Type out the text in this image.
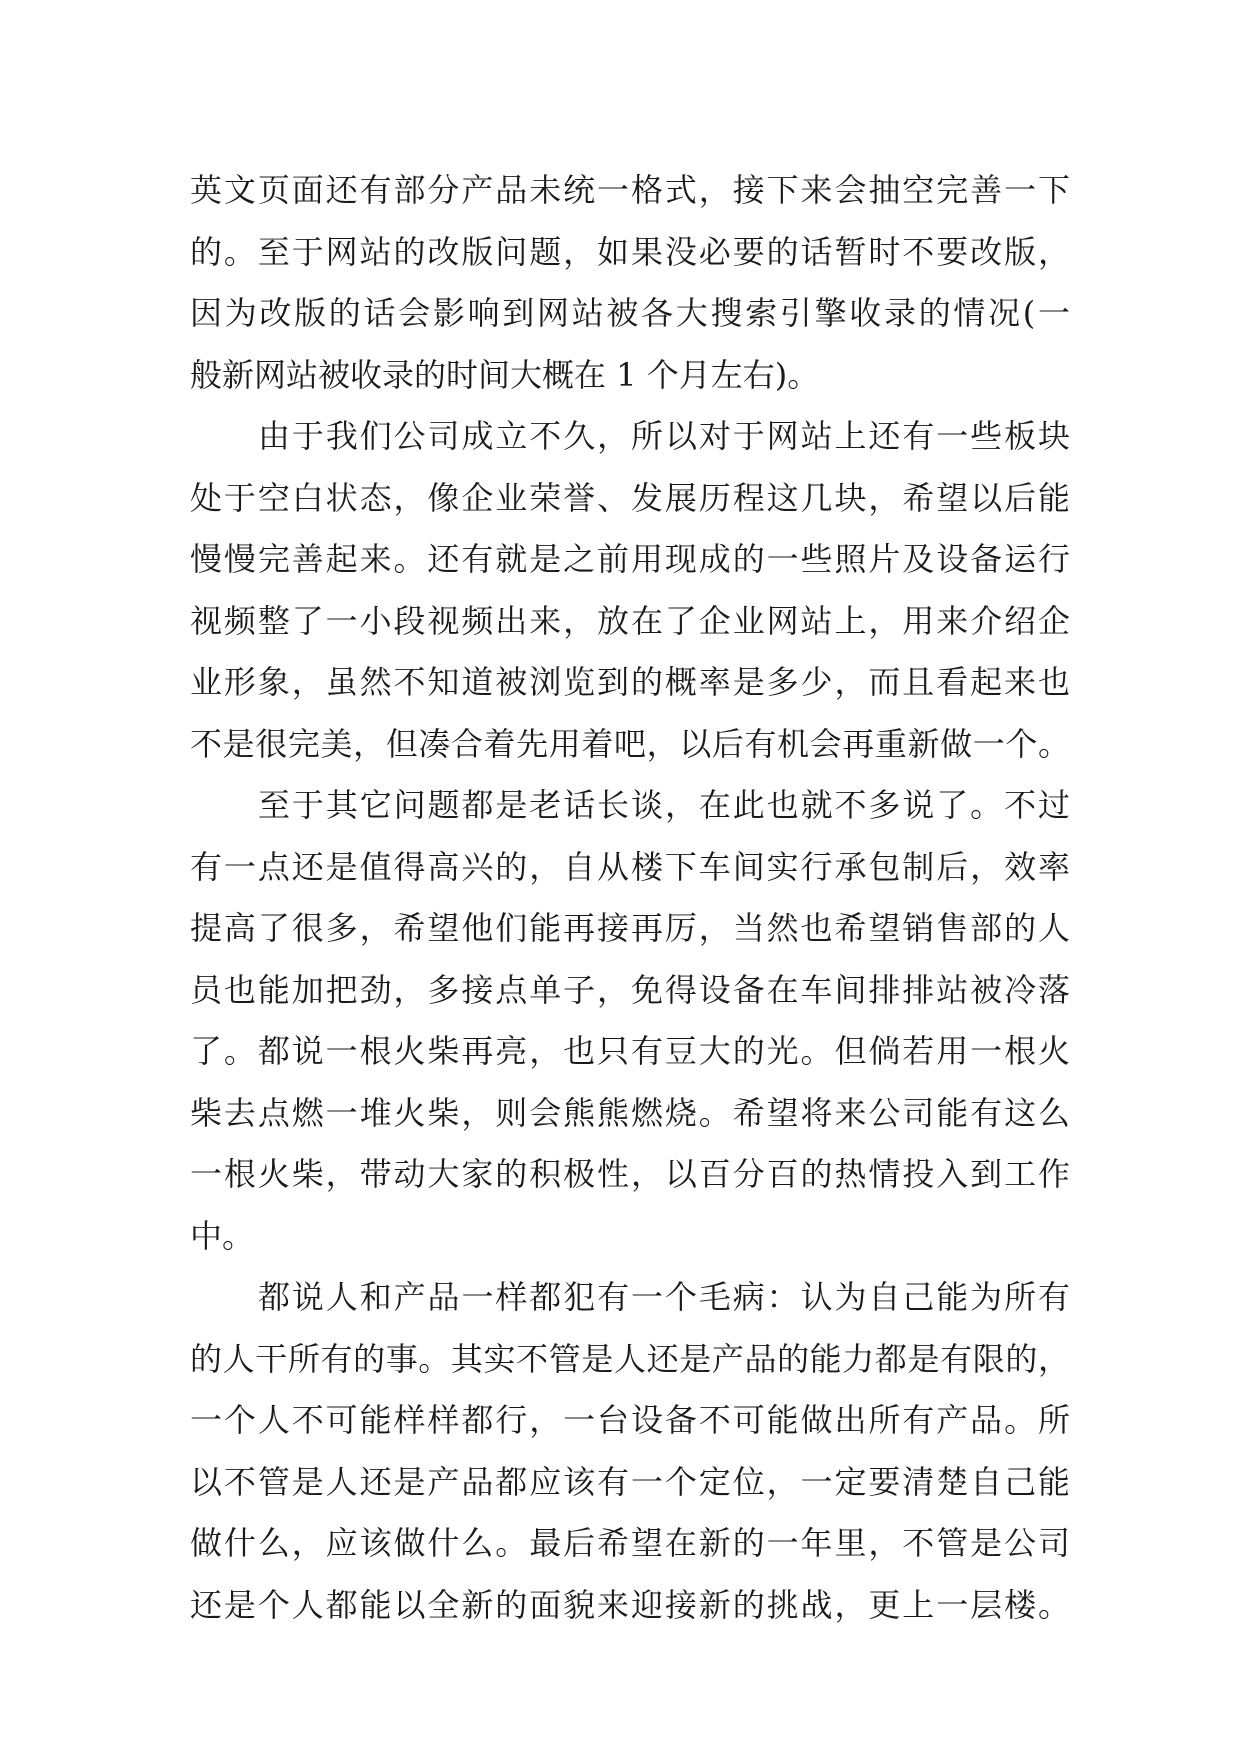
英文页面还有部分产品未统一格式，接下来会抽空完善一下
的。至于网站的改版问题，如果没必要的话暂时不要改版，
因为改版的话会影响到网站被各大搜索引擎收录的情况(一
般新网站被收录的时间大概在 1 个月左右)。
由于我们公司成立不久，所以对于网站上还有一些板块
处于空白状态，像企业荣誉、发展历程这几块，希望以后能
慢慢完善起来。还有就是之前用现成的一些照片及设备运行
视频整了一小段视频出来，放在了企业网站上，用来介绍企
业形象，虽然不知道被浏览到的概率是多少，而且看起来也
不是很完美，但凑合着先用着吧，以后有机会再重新做一个。
至于其它问题都是老话长谈，在此也就不多说了。不过
有一点还是值得高兴的，自从楼下车间实行承包制后，效率
提高了很多，希望他们能再接再厉，当然也希望销售部的人
员也能加把劲，多接点单子，免得设备在车间排排站被冷落
了。都说一根火柴再亮，也只有豆大的光。但倘若用一根火
柴去点燃一堆火柴，则会熊熊燃烧。希望将来公司能有这么
一根火柴，带动大家的积极性，以百分百的热情投入到工作
中。
都说人和产品一样都犯有一个毛病：认为自己能为所有
的人干所有的事。其实不管是人还是产品的能力都是有限的，
一个人不可能样样都行，一台设备不可能做出所有产品。所
以不管是人还是产品都应该有一个定位，一定要清楚自己能
做什么，应该做什么。最后希望在新的一年里，不管是公司
还是个人都能以全新的面貌来迎接新的挑战，更上一层楼。
